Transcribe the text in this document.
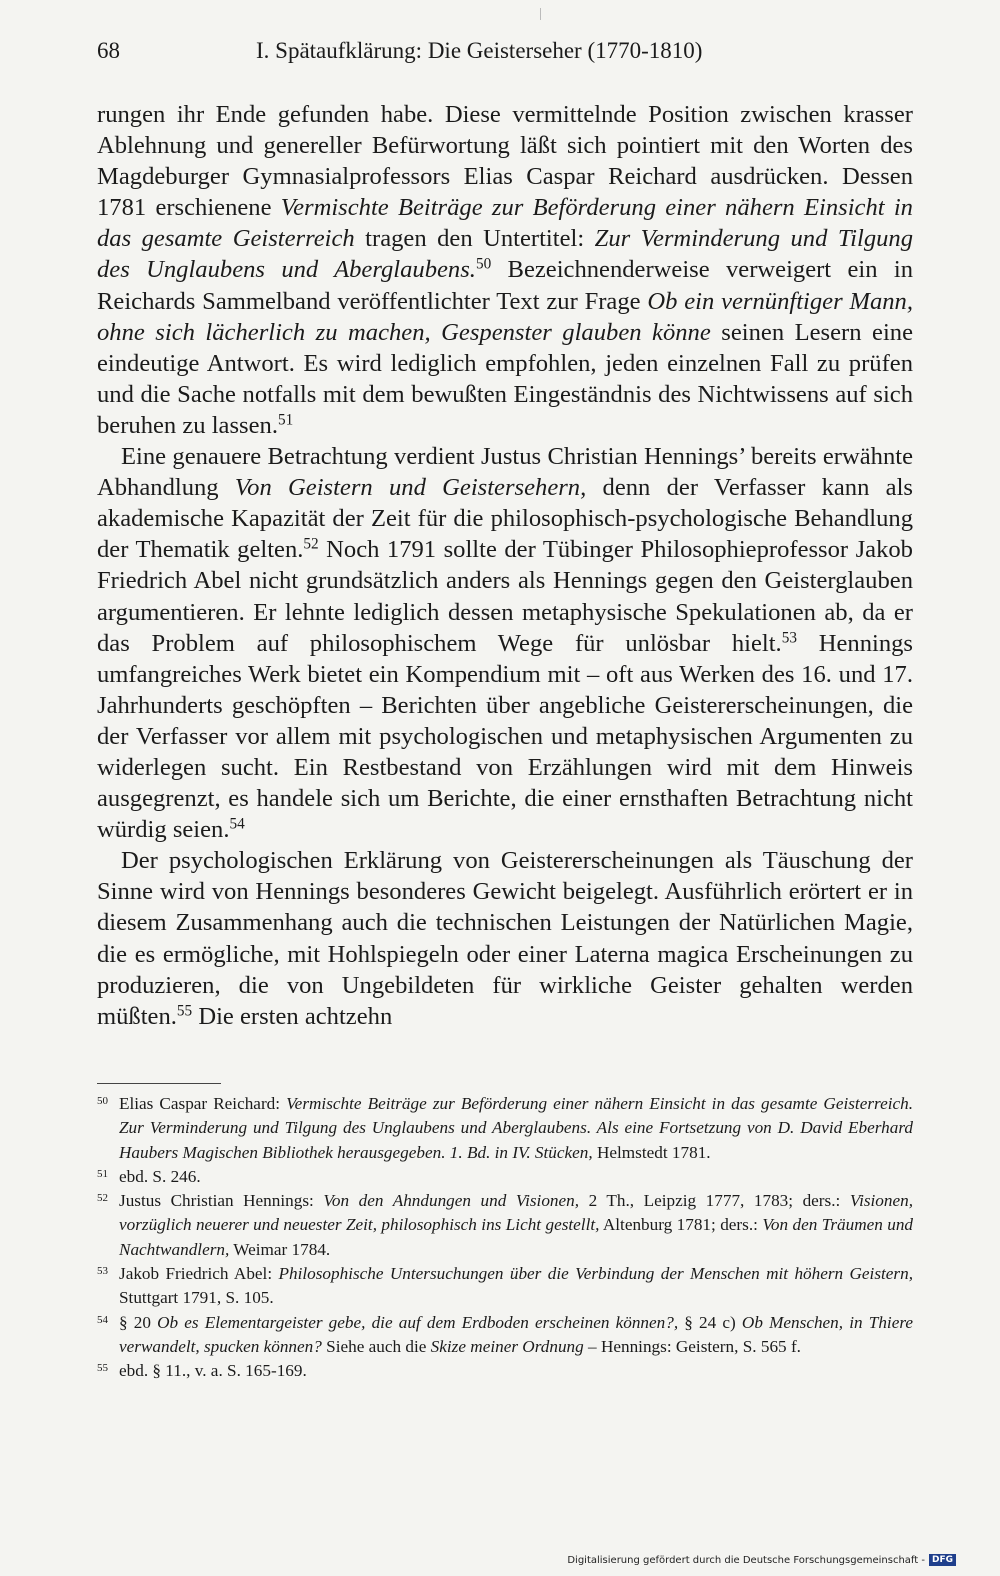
68	I. Spätaufklärung: Die Geisterseher (1770-1810)

rungen ihr Ende gefunden habe. Diese vermittelnde Position zwischen krasser Ablehnung und genereller Befürwortung läßt sich pointiert mit den Worten des Magdeburger Gymnasialprofessors Elias Caspar Reichard ausdrücken. Dessen 1781 erschienene Vermischte Beiträge zur Beförderung einer nähern Einsicht in das gesamte Geisterreich tragen den Untertitel: Zur Verminderung und Tilgung des Unglaubens und Aberglaubens.$^{50}$ Bezeichnenderweise verweigert ein in Reichards Sammelband veröffentlichter Text zur Frage Ob ein vernünftiger Mann, ohne sich lächerlich zu machen, Gespenster glauben könne seinen Lesern eine eindeutige Antwort. Es wird lediglich empfohlen, jeden einzelnen Fall zu prüfen und die Sache notfalls mit dem bewußten Eingeständnis des Nichtwissens auf sich beruhen zu lassen.$^{51}$

Eine genauere Betrachtung verdient Justus Christian Hennings’ bereits erwähnte Abhandlung Von Geistern und Geistersehern, denn der Verfasser kann als akademische Kapazität der Zeit für die philosophisch-psychologische Behandlung der Thematik gelten.$^{52}$ Noch 1791 sollte der Tübinger Philosophieprofessor Jakob Friedrich Abel nicht grundsätzlich anders als Hennings gegen den Geisterglauben argumentieren. Er lehnte lediglich dessen metaphysische Spekulationen ab, da er das Problem auf philosophischem Wege für unlösbar hielt.$^{53}$ Hennings umfangreiches Werk bietet ein Kompendium mit – oft aus Werken des 16. und 17. Jahrhunderts geschöpften – Berichten über angebliche Geistererscheinungen, die der Verfasser vor allem mit psychologischen und metaphysischen Argumenten zu widerlegen sucht. Ein Restbestand von Erzählungen wird mit dem Hinweis ausgegrenzt, es handele sich um Berichte, die einer ernsthaften Betrachtung nicht würdig seien.$^{54}$

Der psychologischen Erklärung von Geistererscheinungen als Täuschung der Sinne wird von Hennings besonderes Gewicht beigelegt. Ausführlich erörtert er in diesem Zusammenhang auch die technischen Leistungen der Natürlichen Magie, die es ermögliche, mit Hohlspiegeln oder einer Laterna magica Erscheinungen zu produzieren, die von Ungebildeten für wirkliche Geister gehalten werden müßten.$^{55}$ Die ersten achtzehn

50 Elias Caspar Reichard: Vermischte Beiträge zur Beförderung einer nähern Einsicht in das gesamte Geisterreich. Zur Verminderung und Tilgung des Unglaubens und Aberglaubens. Als eine Fortsetzung von D. David Eberhard Haubers Magischen Bibliothek herausgegeben. 1. Bd. in IV. Stücken, Helmstedt 1781.

51 ebd. S. 246.

52 Justus Christian Hennings: Von den Ahndungen und Visionen, 2 Th., Leipzig 1777, 1783; ders.: Visionen, vorzüglich neuerer und neuester Zeit, philosophisch ins Licht gestellt, Altenburg 1781; ders.: Von den Träumen und Nachtwandlern, Weimar 1784.

53 Jakob Friedrich Abel: Philosophische Untersuchungen über die Verbindung der Menschen mit höhern Geistern, Stuttgart 1791, S. 105.

54 § 20 Ob es Elementargeister gebe, die auf dem Erdboden erscheinen können?, § 24 c) Ob Menschen, in Thiere verwandelt, spucken können? Siehe auch die Skize meiner Ordnung – Hennings: Geistern, S. 565 f.

55 ebd. § 11., v. a. S. 165-169.

Digitalisierung gefördert durch die Deutsche Forschungsgemeinschaft - DFG
